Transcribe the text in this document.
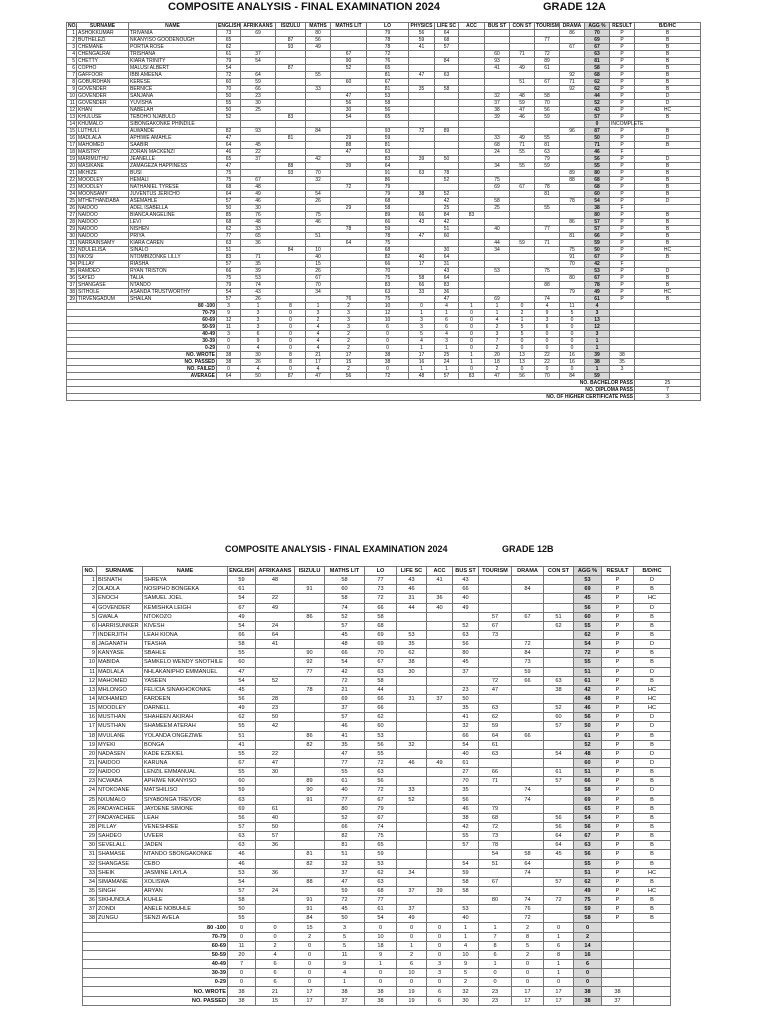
COMPOSITE ANALYSIS - FINAL EXAMINATION 2024	GRADE 12A
NO.	SURNAME	NAME	ENGLISH	AFRIKAANS	ISIZULU	MATHS	MATHS LIT	LO	PHYSICS	LIFE SC	ACC	BUS ST	CON ST	TOURISM	DRAMA	AGG %	RESULT	B/D/HC
1	ASHOKKUMAR	TRIVANIA	73	69		80		79	56	64					86	70	P	B
2	BUTHELEZI	NKANYISO GOODENOUGH	65		87	56		78	59	68				77		69	P	B
3	CHEMANE	PORTIA ROSE	62		93	49		78	41	57					67	67	P	B
4	CHENGALRAI	TRISHANA	61	37			67	72				60	71	72		63	P	B
5	CHETTY	KIARA TRINITY	79	54			90	76		84		93		89		81	P	B
6	COPHO	MALUSI ALBERT	54		87		52	65				41	49	61		58	P	B
7	GAFFOOR	IBBI AMEENA	72	64		55		81	47	63					92	68	P	B
8	GOBURDHAN	KERESE	60	59			60	67					51	67	71	62	P	B
9	GOVENDER	BERNICE	70	66		33		81	35	58					92	62	P	B
10	GOVENDER	SANJANA	50	23			47	53				32	48	58		44	P	D
11	GOVENDER	YUVISHA	55	30			56	58				37	59	70		52	P	D
12	KHAN	NABELAH	50	25			30	56				38	47	56		43	P	HC
13	KHULUSE	TEBOHO NJABULO	52		83		54	65				39	46	59		57	P	B
14	KHUMALO	SIBONGAKONKE PHINDILE														0	INCOMPLETE	
15	LUTHULI	ALWANDE	82	93		84		93	72	89					96	87	P	B
16	MADLALA	APHIWE AMAHLE	47		81		29	59				33	49	55		50	P	D
17	MAHOMED	SAABIR	64	45			88	81				68	71	81		71	P	B
18	MAISTRY	ZORAN MACKENZI	46	22			47	63				24	55	63		46	F	
19	MARIMUTHU	JEANELLE	65	37		42		83	39	50				79		56	P	D
20	MASIKANE	ZAMAGEZA HAPPINESS	47		88		39	64				34	55	59		55	P	B
21	MKHIZE	BUSI	75		93	70		91	63	78					89	80	P	B
22	MOODLEY	HEMALI	75	67		32		86		52		75			88	68	P	B
23	MOODLEY	NATHANIEL TYRESE	68	48			72	79				69	67	78		68	P	B
24	MOONSAMY	JUVENTUS JERICHO	64	49		54		79	38	52				81		60	P	B
25	MTHETHANDABA	ASEMAHLE	57	46		26		68		42		58			78	54	P	D
26	NAIDOO	ADEL ISABELLA	50	30			29	58		25		25		55		38	F	
27	NAIDOO	BIANCA ANGELINE	85	76		75		89	66	84	83					80	P	B
28	NAIDOO	LEVI	68	48		46		66	43	42					86	57	P	B
29	NAIDOO	NISHEN	62	33			78	59		51		40		77		57	P	B
30	NAIDOO	PRIYA	77	65		51		78	47	60					81	66	P	B
31	NARRAINSAMY	KIARA CAREN	63	36			64	75				44	59	71		59	P	B
32	NDULELISA	SINALO	51		84	10		68		30		34			75	50	P	HC
33	NKOSI	NTOMBIZONKE LILLY	83	71		40		82	40	64					91	67	P	B
34	PILLAY	RIASHA	57	35		15		66	17	31					70	42	F	
35	RAMDEO	RYAN TRISTON	66	39		26		70		43		53		75		53	P	D
36	SAYED	TALIA	75	53		67		75	58	64					80	67	P	B
37	SHANGASE	NTANDO	79	74		70		83	66	83				88		78	P	B
38	SITHOLE	ASANDA TRUSTWORTHY	54	43		34		63	33	36					79	49	P	HC
39	TIRVENGADUM	SHAILAN	57	26			76	75		47		69		74		61	P	B
80 -100			3	1	8	1	2	10	0	4	1	1	0	4	11	4		
70-79			9	3	0	3	3	12	1	1	0	1	2	9	5	3		
60-69			12	3	0	2	3	10	3	6	0	4	1	3	0	13		
50-59			11	3	0	4	3	6	3	6	0	2	5	6	0	12		
40-49			3	6	0	4	2	0	5	4	0	3	5	0	0	3		
30-39			0	9	0	4	2	0	4	3	0	7	0	0	0	1		
0-29			0	4	0	4	2	0	1	1	0	2	0	0	0	1		
NO. WROTE			38	30	8	21	17	38	17	25	1	20	13	22	16	39	38	
NO. PASSED			38	26	8	17	15	38	16	24	1	18	13	22	16	38	35	
NO. FAILED			0	4	0	4	2	0	1	1	0	2	0	0	0	1	3	
AVERAGE			64	50	87	47	56	72	48	57	83	47	56	70	84	59		
NO. BACHELOR PASS																		25
NO. DIPLOMA PASS																		7
NO. OF HIGHER CERTIFICATE PASS																		3
COMPOSITE ANALYSIS - FINAL EXAMINATION 2024	GRADE 12B
NO.	SURNAME	NAME	ENGLISH	AFRIKAANS	ISIZULU	MATHS LIT	LO	LIFE SC	ACC	BUS ST	TOURISM	DRAMA	CON ST	AGG %	RESULT	B/D/HC
1	BISNATH	SHREYA	59	48		58	77	43	41	43				53	P	D
2	DLADLA	NOSIPHO BONGEKA	61		91	60	73	46		66		84		69	P	B
3	ENOCH	SAMUEL JOEL	54	22		58	72	31	36	40				45	P	HC
4	GOVENDER	KEMISHKA LEIGH	67	49		74	66	44	40	49				56	P	D
5	GWALA	NTOKOZO	49		86	52	58				57	67	51	60	P	B
6	HARRISUNKER	KIVESH	54	24		57	68			52	67		62	55	P	B
7	INDERJITH	LEAH KIONA	66	64		45	69	53		63	73			62	P	B
8	JAGANATH	TEASHA	58	41		48	69	35		56		72		54	P	D
9	KANYASE	SBAHLE	55		90	66	70	62		80		84		72	P	B
10	MABIDA	SAMKELO WENDY SNOTHILE	60		92	54	67	38		45		73		55	P	B
11	MADLALA	NHLAKANIPHO EMMANUEL	47		77	42	63	30		37		59		51	P	D
12	MAHOMED	YASEEN	54	52		72	58				72	66	63	61	P	B
13	MHLONGO	FELICIA SINAKHOKONKE	45		78	21	44			23	47		38	42	P	HC
14	MOHAMED	FARDEEN	56	28		69	66	31	37	50				48	P	HC
15	MOODLEY	DARNELL	49	23		37	66			35	63		52	46	P	HC
16	MUSTHAN	SHAHEEN AKIRAH	62	50		57	62			41	62		60	56	P	D
17	MUSTHAN	SHAMEEM ATERAH	55	42		46	60			32	59		57	50	P	D
18	MVULANE	YOLANDA ONGEZIWE	51		86	41	53			66	64	66		61	P	B
19	MYEKI	BONGA	41		82	35	56	32		54	61			52	P	B
20	NADASEN	KADE EZEKIEL	55	22		47	55			40	63		54	48	P	D
21	NAIDOO	KARUNA	67	47		77	72	46	49	61				60	P	D
22	NAIDOO	LENZIL EMMANUAL	55	30		55	63			27	66		61	51	P	B
23	NCWABA	APHIWE NKANYISO	60		89	61	56			70	71		57	66	P	B
24	NTOKOANE	MATSHILISO	59		90	40	72	33		35		74		58	P	D
25	NXUMALO	SIYABONGA TREVOR	63		91	77	67	52		56		74		69	P	B
26	PADAYACHEE	JAYDENE SIMONE	69	61		80	79			46	79			65	P	B
27	PADAYACHEE	LEAH	56	40		52	67			38	68		56	54	P	B
28	PILLAY	VENESHREE	57	50		66	74			42	72		56	56	P	B
29	SAHDEO	UVEER	63	57		82	75			55	73		64	67	P	B
30	SEVELALL	JADEN	63	36		81	65			57	78		64	63	P	B
31	SHAMASE	NTANDO SBONGAKONKE	46		81	51	59				54	58	45	56	P	B
32	SHANGASE	CEBO	46		82	32	53			54	51	64		55	P	B
33	SHEIK	JASMINE LAYLA	53	36		37	62	34		59		74		51	P	HC
34	SIMAMANE	XOLISWA	54		88	47	63			58	67		57	62	P	B
35	SINGH	ARYAN	57	24		59	68	37	39	58				49	P	HC
36	SIKHUNDLA	KUHLE	58		91	72	77				80	74	72	75	P	B
37	ZONDI	ANELE NOBUHLE	50		91	45	61	37		53		76		59	P	B
38	ZUNGU	SENZI AVELA	55		84	50	54	49		40		72		58	P	B
80 -100			0	0	15	3	0	0	0	1	1	2	0	0		
70-79			0	0	2	5	10	0	0	1	7	8	1	2		
60-69			11	2	0	5	18	1	0	4	8	5	6	14		
50-59			20	4	0	11	9	2	0	10	6	2	8	16		
40-49			7	6	0	9	1	6	3	9	1	0	1	6		
30-39			0	6	0	4	0	10	3	5	0	0	1	0		
0-29			0	6	0	1	0	0	0	2	0	0	0	0		
NO. WROTE			38	21	17	38	38	19	6	32	23	17	17	38	38	
NO. PASSED			38	15	17	37	38	19	6	30	23	17	17	38	37	
